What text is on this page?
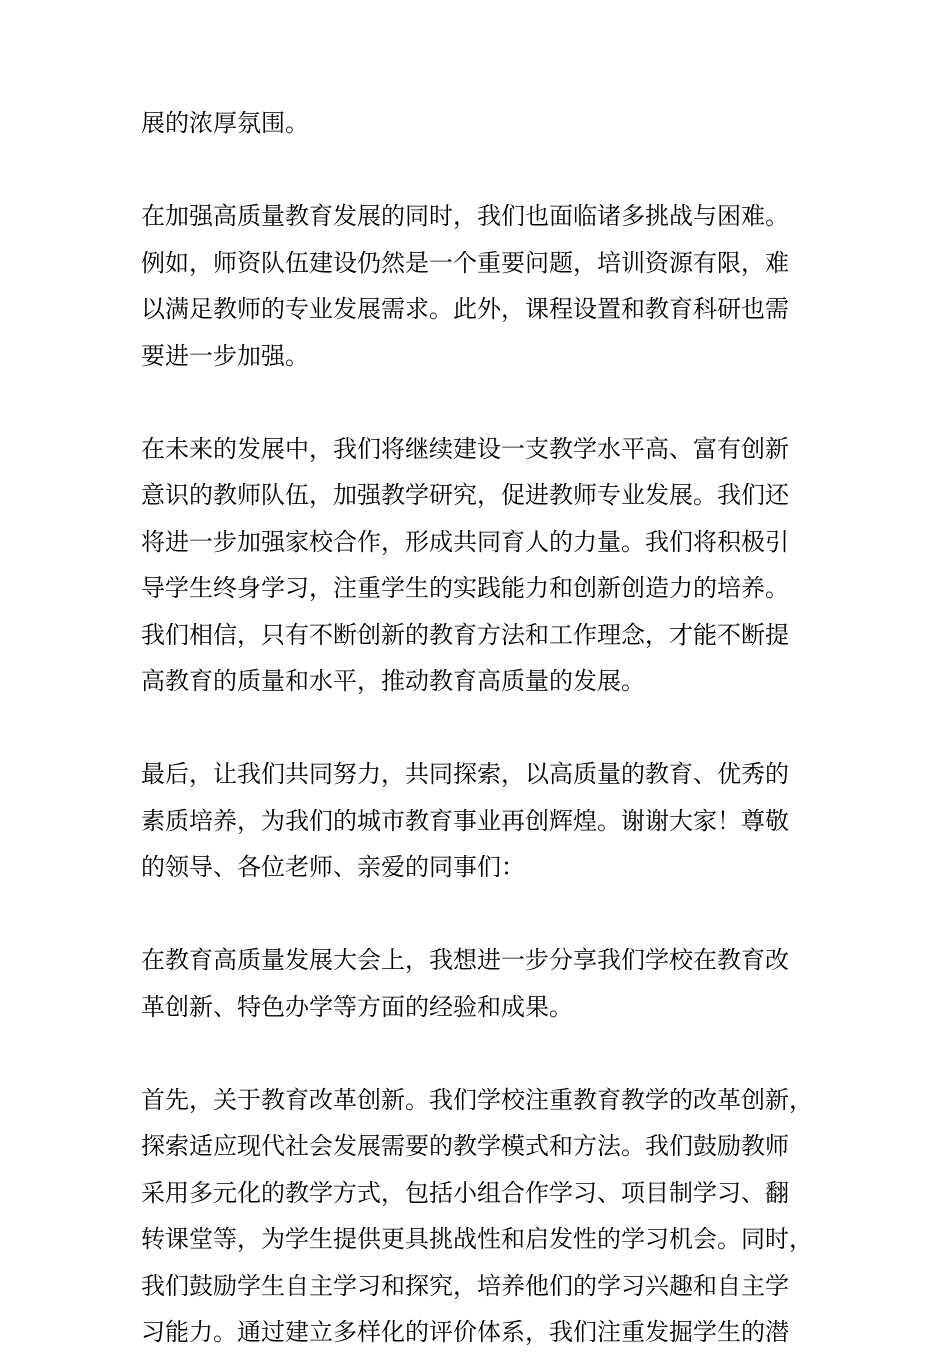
展的浓厚氛围。

在加强高质量教育发展的同时，我们也面临诸多挑战与困难。
例如，师资队伍建设仍然是一个重要问题，培训资源有限，难
以满足教师的专业发展需求。此外，课程设置和教育科研也需
要进一步加强。

在未来的发展中，我们将继续建设一支教学水平高、富有创新
意识的教师队伍，加强教学研究，促进教师专业发展。我们还
将进一步加强家校合作，形成共同育人的力量。我们将积极引
导学生终身学习，注重学生的实践能力和创新创造力的培养。
我们相信，只有不断创新的教育方法和工作理念，才能不断提
高教育的质量和水平，推动教育高质量的发展。

最后，让我们共同努力，共同探索，以高质量的教育、优秀的
素质培养，为我们的城市教育事业再创辉煌。谢谢大家！尊敬
的领导、各位老师、亲爱的同事们：

在教育高质量发展大会上，我想进一步分享我们学校在教育改
革创新、特色办学等方面的经验和成果。

首先，关于教育改革创新。我们学校注重教育教学的改革创新，
探索适应现代社会发展需要的教学模式和方法。我们鼓励教师
采用多元化的教学方式，包括小组合作学习、项目制学习、翻
转课堂等，为学生提供更具挑战性和启发性的学习机会。同时，
我们鼓励学生自主学习和探究，培养他们的学习兴趣和自主学
习能力。通过建立多样化的评价体系，我们注重发掘学生的潜
